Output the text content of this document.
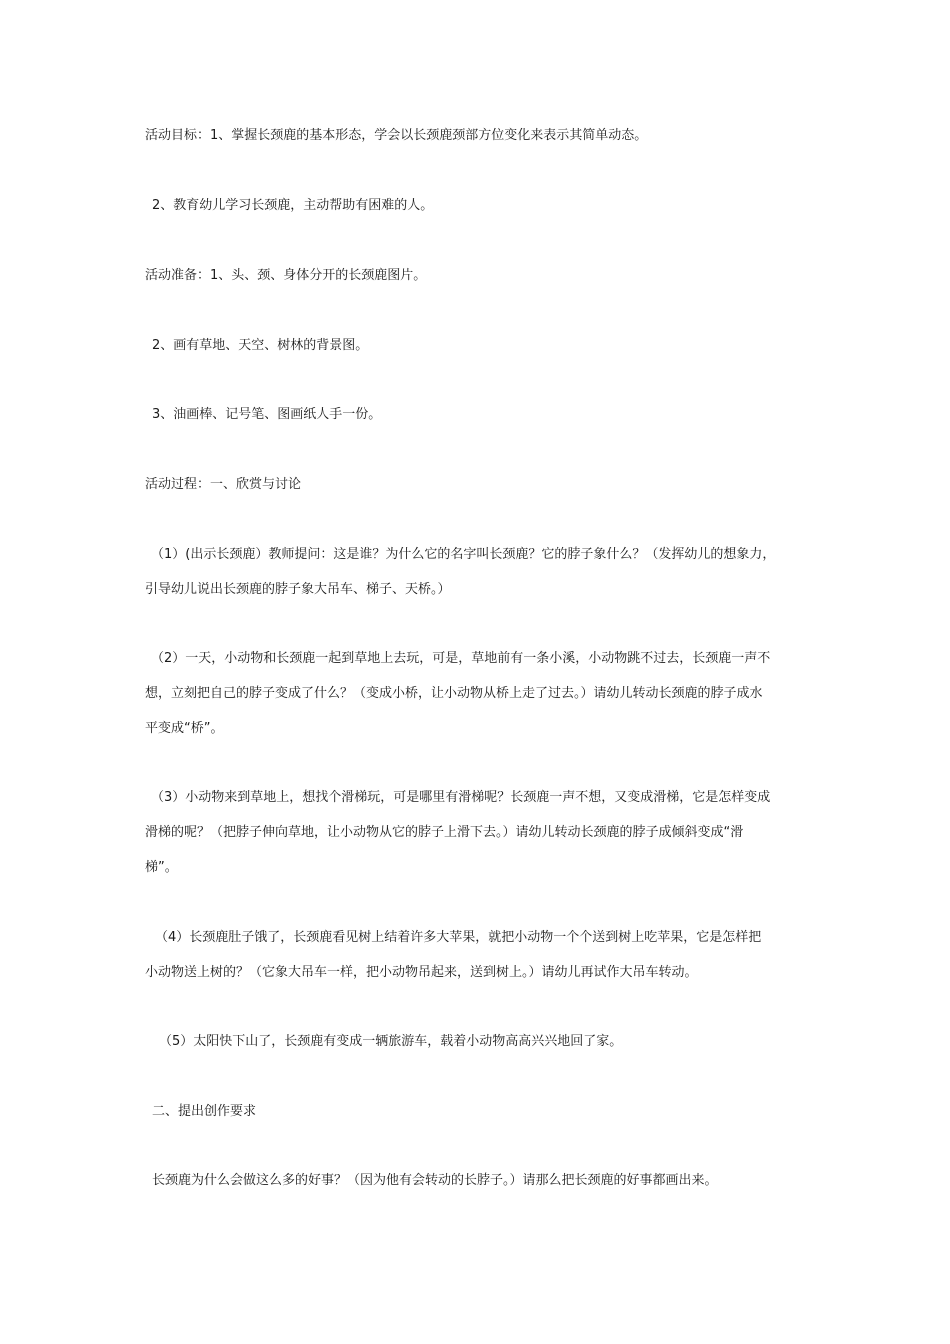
活动目标：1、掌握长颈鹿的基本形态，学会以长颈鹿颈部方位变化来表示其简单动态。

2、教育幼儿学习长颈鹿，主动帮助有困难的人。

活动准备：1、头、颈、身体分开的长颈鹿图片。

2、画有草地、天空、树林的背景图。

3、油画棒、记号笔、图画纸人手一份。

活动过程：一、欣赏与讨论

（1）(出示长颈鹿）教师提问：这是谁？为什么它的名字叫长颈鹿？它的脖子象什么？（发挥幼儿的想象力，
引导幼儿说出长颈鹿的脖子象大吊车、梯子、天桥。）
（2）一天，小动物和长颈鹿一起到草地上去玩，可是，草地前有一条小溪，小动物跳不过去，长颈鹿一声不
想，立刻把自己的脖子变成了什么？（变成小桥，让小动物从桥上走了过去。）请幼儿转动长颈鹿的脖子成水
平变成“桥”。
（3）小动物来到草地上，想找个滑梯玩，可是哪里有滑梯呢？长颈鹿一声不想，又变成滑梯，它是怎样变成
滑梯的呢？（把脖子伸向草地，让小动物从它的脖子上滑下去。）请幼儿转动长颈鹿的脖子成倾斜变成“滑
梯”。
（4）长颈鹿肚子饿了，长颈鹿看见树上结着许多大苹果，就把小动物一个个送到树上吃苹果，它是怎样把
小动物送上树的？（它象大吊车一样，把小动物吊起来，送到树上。）请幼儿再试作大吊车转动。

（5）太阳快下山了，长颈鹿有变成一辆旅游车，载着小动物高高兴兴地回了家。

二、提出创作要求

长颈鹿为什么会做这么多的好事？（因为他有会转动的长脖子。）请那么把长颈鹿的好事都画出来。
